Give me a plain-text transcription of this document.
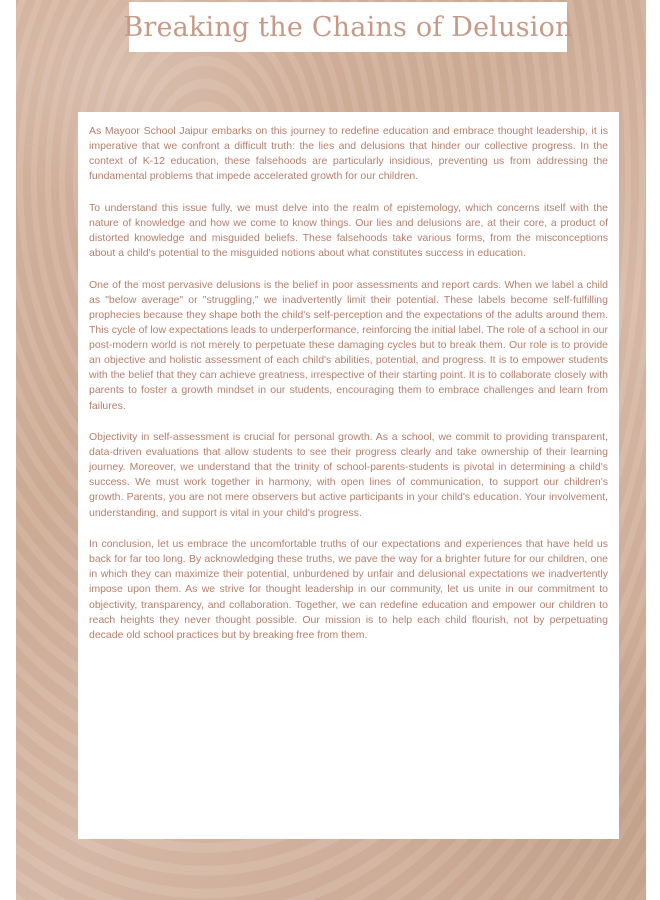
Breaking the Chains of Delusion

As Mayoor School Jaipur embarks on this journey to redefine education and embrace thought leadership, it is imperative that we confront a difficult truth: the lies and delusions that hinder our collective progress. In the context of K-12 education, these falsehoods are particularly insidious, preventing us from addressing the fundamental problems that impede accelerated growth for our children.

To understand this issue fully, we must delve into the realm of epistemology, which concerns itself with the nature of knowledge and how we come to know things. Our lies and delusions are, at their core, a product of distorted knowledge and misguided beliefs. These falsehoods take various forms, from the misconceptions about a child's potential to the misguided notions about what constitutes success in education.

One of the most pervasive delusions is the belief in poor assessments and report cards. When we label a child as "below average" or "struggling," we inadvertently limit their potential. These labels become self-fulfilling prophecies because they shape both the child's self-perception and the expectations of the adults around them. This cycle of low expectations leads to underperformance, reinforcing the initial label. The role of a school in our post-modern world is not merely to perpetuate these damaging cycles but to break them. Our role is to provide an objective and holistic assessment of each child's abilities, potential, and progress. It is to empower students with the belief that they can achieve greatness, irrespective of their starting point. It is to collaborate closely with parents to foster a growth mindset in our students, encouraging them to embrace challenges and learn from failures.

Objectivity in self-assessment is crucial for personal growth. As a school, we commit to providing transparent, data-driven evaluations that allow students to see their progress clearly and take ownership of their learning journey. Moreover, we understand that the trinity of school-parents-students is pivotal in determining a child's success. We must work together in harmony, with open lines of communication, to support our children's growth. Parents, you are not mere observers but active participants in your child's education. Your involvement, understanding, and support is vital in your child's progress.

In conclusion, let us embrace the uncomfortable truths of our expectations and experiences that have held us back for far too long. By acknowledging these truths, we pave the way for a brighter future for our children, one in which they can maximize their potential, unburdened by unfair and delusional expectations we inadvertently impose upon them. As we strive for thought leadership in our community, let us unite in our commitment to objectivity, transparency, and collaboration. Together, we can redefine education and empower our children to reach heights they never thought possible. Our mission is to help each child flourish, not by perpetuating decade old school practices but by breaking free from them.
